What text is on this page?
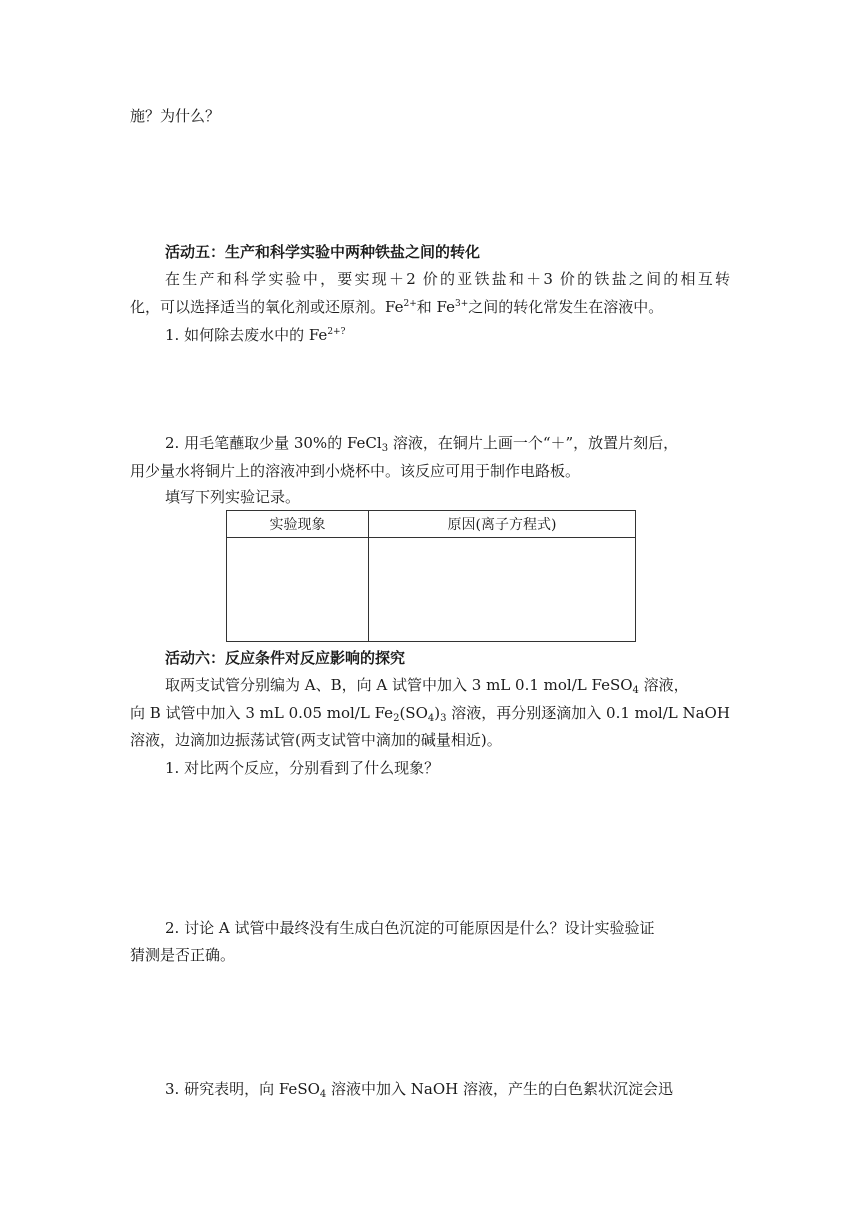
施？为什么？
活动五：生产和科学实验中两种铁盐之间的转化
在生产和科学实验中，要实现＋2 价的亚铁盐和＋3 价的铁盐之间的相互转
化，可以选择适当的氧化剂或还原剂。$Fe^{2+}$和 $Fe^{3+}$之间的转化常发生在溶液中。
1. 如何除去废水中的 $Fe^{2+?}$
2. 用毛笔蘸取少量 30%的 FeCl$_3$ 溶液，在铜片上画一个“＋”，放置片刻后，
用少量水将铜片上的溶液冲到小烧杯中。该反应可用于制作电路板。
填写下列实验记录。
实验现象	原因(离子方程式)

活动六：反应条件对反应影响的探究
取两支试管分别编为 A、B，向 A 试管中加入 3 mL 0.1 mol/L FeSO$_4$ 溶液，
向 B 试管中加入 3 mL 0.05 mol/L $Fe_2(SO_4)_3$ 溶液，再分别逐滴加入 0.1 mol/L NaOH
溶液，边滴加边振荡试管(两支试管中滴加的碱量相近)。
1. 对比两个反应，分别看到了什么现象？
2. 讨论 A 试管中最终没有生成白色沉淀的可能原因是什么？设计实验验证
猜测是否正确。
3. 研究表明，向 FeSO$_4$ 溶液中加入 NaOH 溶液，产生的白色絮状沉淀会迅
